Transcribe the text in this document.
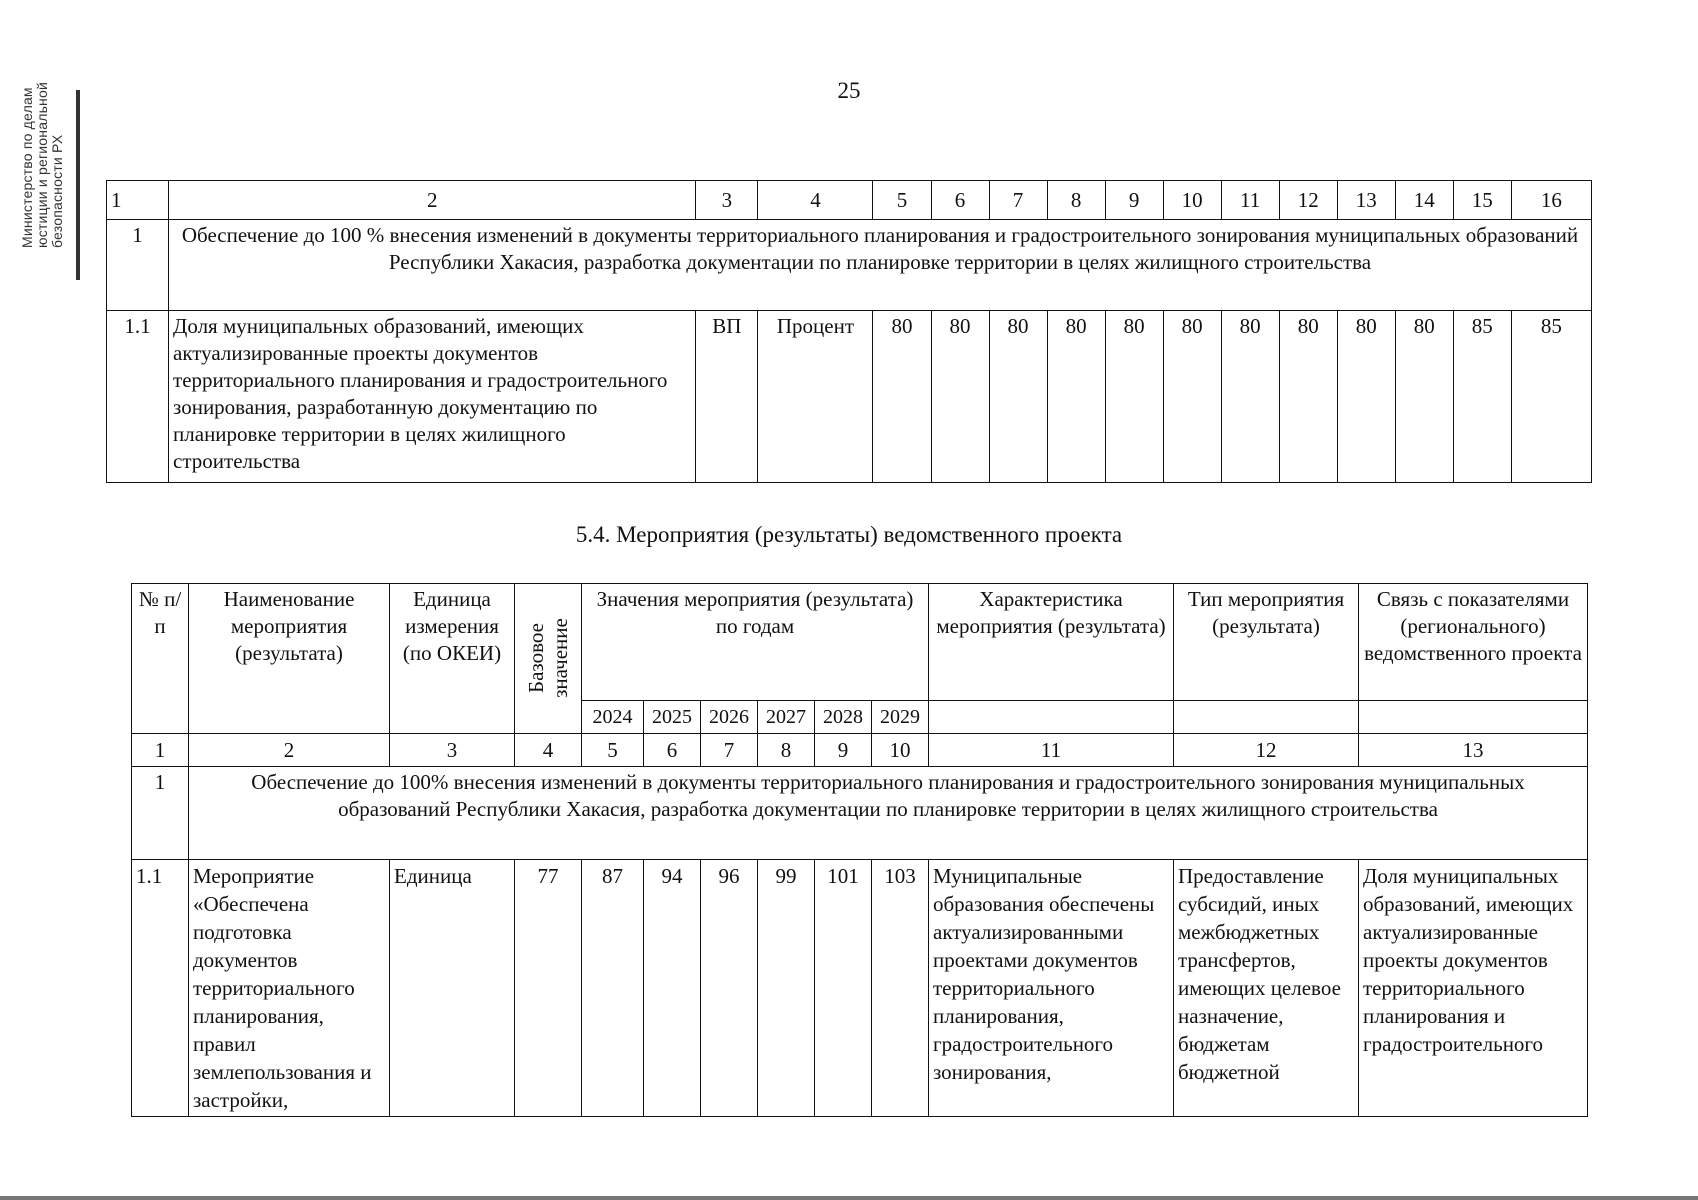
Министерство по делам юстиции и региональной безопасности РХ
25
1	2	3	4	5	6	7	8	9	10	11	12	13	14	15	16
1	Обеспечение до 100 % внесения изменений в документы территориального планирования и градостроительного зонирования муниципальных образований Республики Хакасия, разработка документации по планировке территории в целях жилищного строительства														
1.1	Доля муниципальных образований, имеющих актуализированные проекты документов территориального планирования и градостроительного зонирования, разработанную документацию по планировке территории в целях жилищного строительства	ВП	Процент	80	80	80	80	80	80	80	80	80	80	85	85
5.4. Мероприятия (результаты) ведомственного проекта
№ п/п	Наименование мероприятия (результата)	Единица измерения (по ОКЕИ)	Базовое значение	Значения мероприятия (результата) по годам						Характеристика мероприятия (результата)	Тип мероприятия (результата)	Связь с показателями (регионального) ведомственного проекта
				2024	2025	2026	2027	2028	2029			
1	2	3	4	5	6	7	8	9	10	11	12	13
1	Обеспечение до 100% внесения изменений в документы территориального планирования и градостроительного зонирования муниципальных образований Республики Хакасия, разработка документации по планировке территории в целях жилищного строительства											
1.1	Мероприятие «Обеспечена подготовка документов территориального планирования, правил землепользования и застройки,	Единица	77	87	94	96	99	101	103	Муниципальные образования обеспечены актуализированными проектами документов территориального планирования, градостроительного зонирования,	Предоставление субсидий, иных межбюджетных трансфертов, имеющих целевое назначение, бюджетам бюджетной	Доля муниципальных образований, имеющих актуализированные проекты документов территориального планирования и градостроительного
